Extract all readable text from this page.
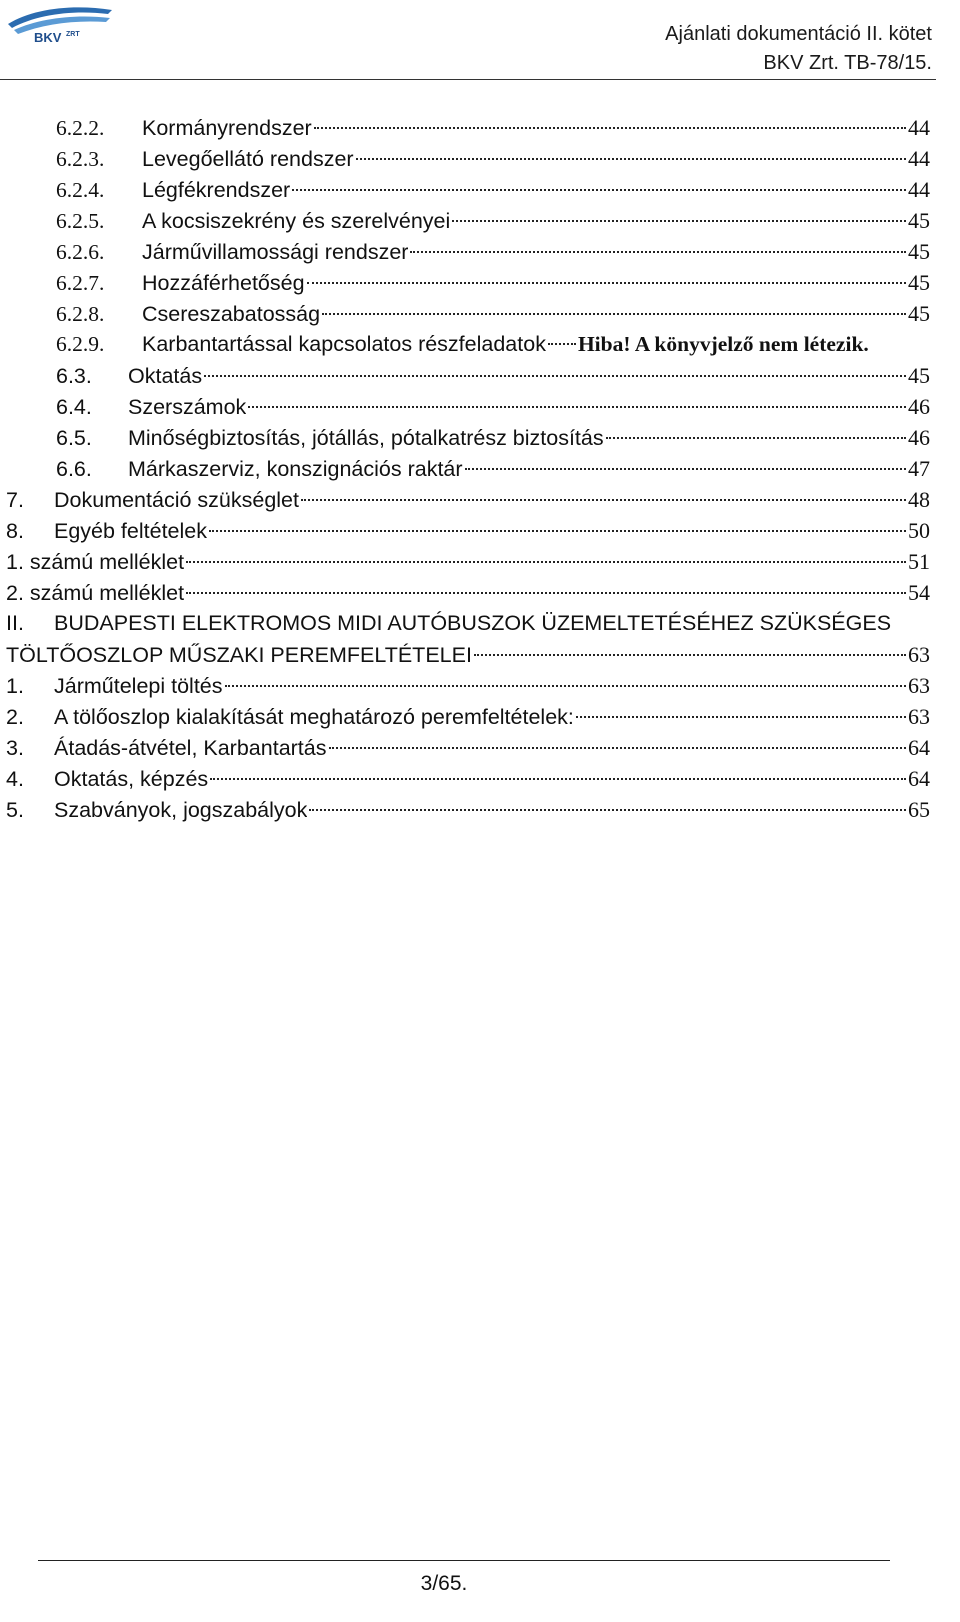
BKV ZRT	Ajánlati dokumentáció II. kötet
BKV Zrt. TB-78/15.
6.2.2.	Kormányrendszer	44
6.2.3.	Levegőellátó rendszer	44
6.2.4.	Légfékrendszer	44
6.2.5.	A kocsiszekrény és szerelvényei	45
6.2.6.	Járművillamossági rendszer	45
6.2.7.	Hozzáférhetőség	45
6.2.8.	Csereszabatosság	45
6.2.9.	Karbantartással kapcsolatos részfeladatok Hiba! A könyvjelző nem létezik.
6.3.	Oktatás	45
6.4.	Szerszámok	46
6.5.	Minőségbiztosítás, jótállás, pótalkatrész biztosítás	46
6.6.	Márkaszerviz, konszignációs raktár	47
7.	Dokumentáció szükséglet	48
8.	Egyéb feltételek	50
1. számú melléklet	51
2. számú melléklet	54
II.	BUDAPESTI ELEKTROMOS MIDI AUTÓBUSZOK ÜZEMELTETÉSÉHEZ SZÜKSÉGES
TÖLTŐOSZLOP MŰSZAKI PEREMFELTÉTELEI	63
1.	Járműtelepi töltés	63
2.	A tölőoszlop kialakítását meghatározó peremfeltételek:	63
3.	Átadás-átvétel, Karbantartás	64
4.	Oktatás, képzés	64
5.	Szabványok, jogszabályok	65
3/65.
